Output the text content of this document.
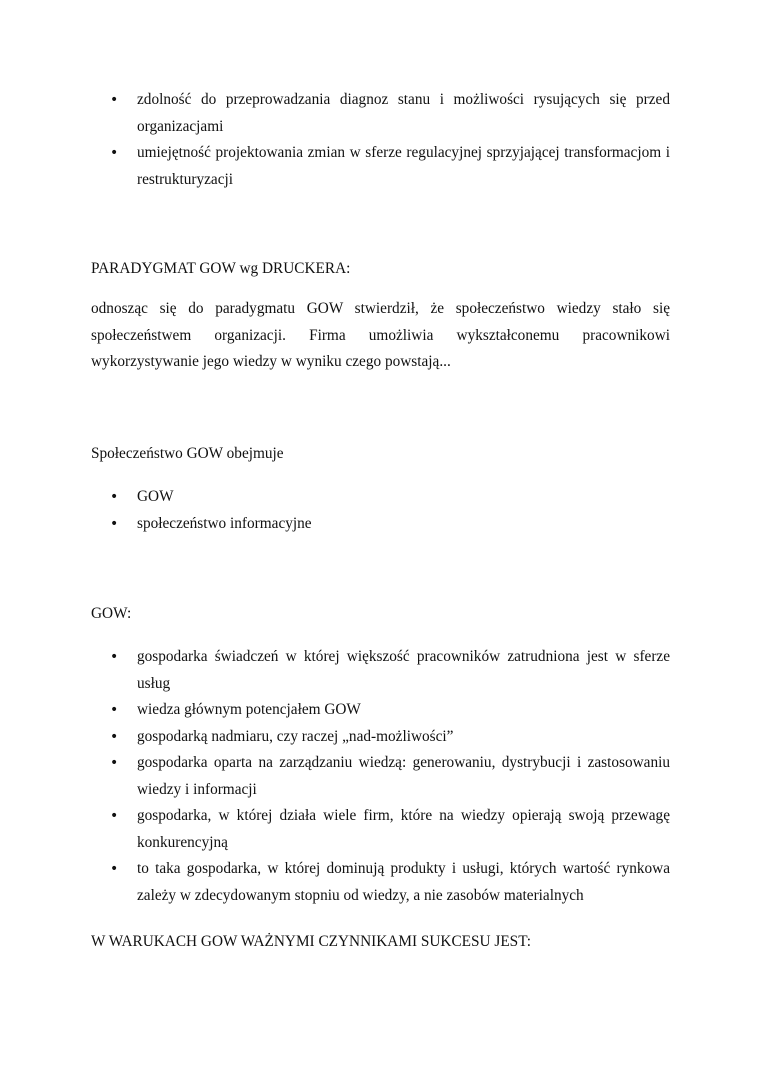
• zdolność do przeprowadzania diagnoz stanu i możliwości rysujących się przed organizacjami
• umiejętność projektowania zmian w sferze regulacyjnej sprzyjającej transformacjom i restrukturyzacji

PARADYGMAT GOW wg DRUCKERA:

odnosząc się do paradygmatu GOW stwierdził, że społeczeństwo wiedzy stało się społeczeństwem organizacji. Firma umożliwia wykształconemu pracownikowi wykorzystywanie jego wiedzy w wyniku czego powstają...

Społeczeństwo GOW obejmuje

• GOW
• społeczeństwo informacyjne

GOW:

• gospodarka świadczeń w której większość pracowników zatrudniona jest w sferze usług
• wiedza głównym potencjałem GOW
• gospodarką nadmiaru, czy raczej „nad-możliwości”
• gospodarka oparta na zarządzaniu wiedzą: generowaniu, dystrybucji i zastosowaniu wiedzy i informacji
• gospodarka, w której działa wiele firm, które na wiedzy opierają swoją przewagę konkurencyjną
• to taka gospodarka, w której dominują produkty i usługi, których wartość rynkowa zależy w zdecydowanym stopniu od wiedzy, a nie zasobów materialnych

W WARUKACH GOW WAŻNYMI CZYNNIKAMI SUKCESU JEST:
